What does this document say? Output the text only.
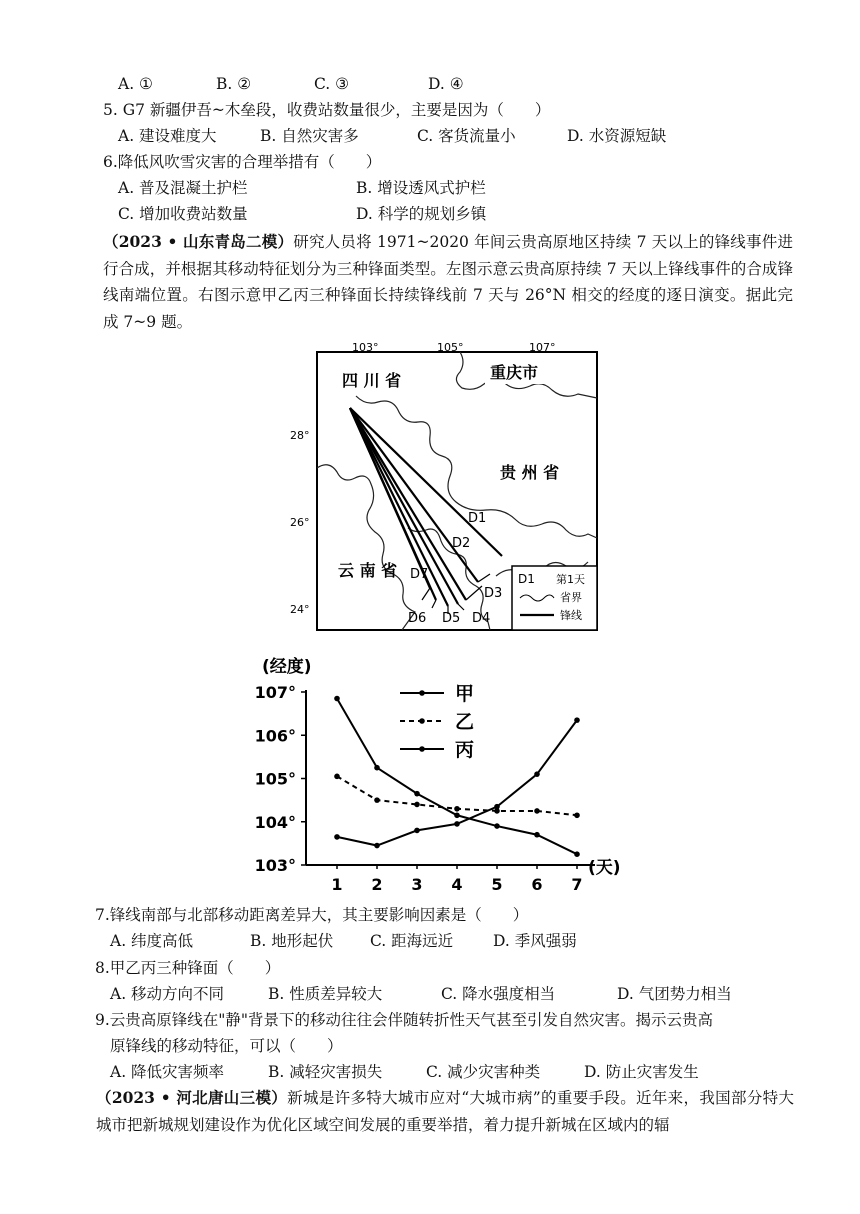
A. ①	B. ②	C. ③	D. ④
5. G7 新疆伊吾~木垒段，收费站数量很少，主要是因为（　　）
A. 建设难度大	B. 自然灾害多	C. 客货流量小	D. 水资源短缺
6.降低风吹雪灾害的合理举措有（　　）
A. 普及混凝土护栏	B. 增设透风式护栏
C. 增加收费站数量	D. 科学的规划乡镇
（2023 • 山东青岛二模）研究人员将 1971~2020 年间云贵高原地区持续 7 天以上的锋线事件进行合成，并根据其移动特征划分为三种锋面类型。左图示意云贵高原持续 7 天以上锋线事件的合成锋线南端位置。右图示意甲乙丙三种锋面长持续锋线前 7 天与 26°N 相交的经度的逐日演变。据此完成 7~9 题。
103°	105°	107°
28°
26°
24°
四 川 省	重庆市
贵 州 省
云 南 省
D1
D2
D3
D4
D5
D6
D7	D1 第1天
省界
锋线
(经度)
(天)
1 2 3 4 5 6 7
103°
104°
105°
106°
107°	甲
乙
丙
7.锋线南部与北部移动距离差异大，其主要影响因素是（　　）
A. 纬度高低	B. 地形起伏 C. 距海远近	D. 季风强弱
8.甲乙丙三种锋面（　　）
A. 移动方向不同	B. 性质差异较大	C. 降水强度相当	D. 气团势力相当
9.云贵高原锋线在"静"背景下的移动往往会伴随转折性天气甚至引发自然灾害。揭示云贵高
原锋线的移动特征，可以（　　）
A. 降低灾害频率	B. 减轻灾害损失	C. 减少灾害种类	D. 防止灾害发生
（2023 • 河北唐山三模）新城是许多特大城市应对“大城市病”的重要手段。近年来，我国部分特大城市把新城规划建设作为优化区域空间发展的重要举措，着力提升新城在区域内的辐
